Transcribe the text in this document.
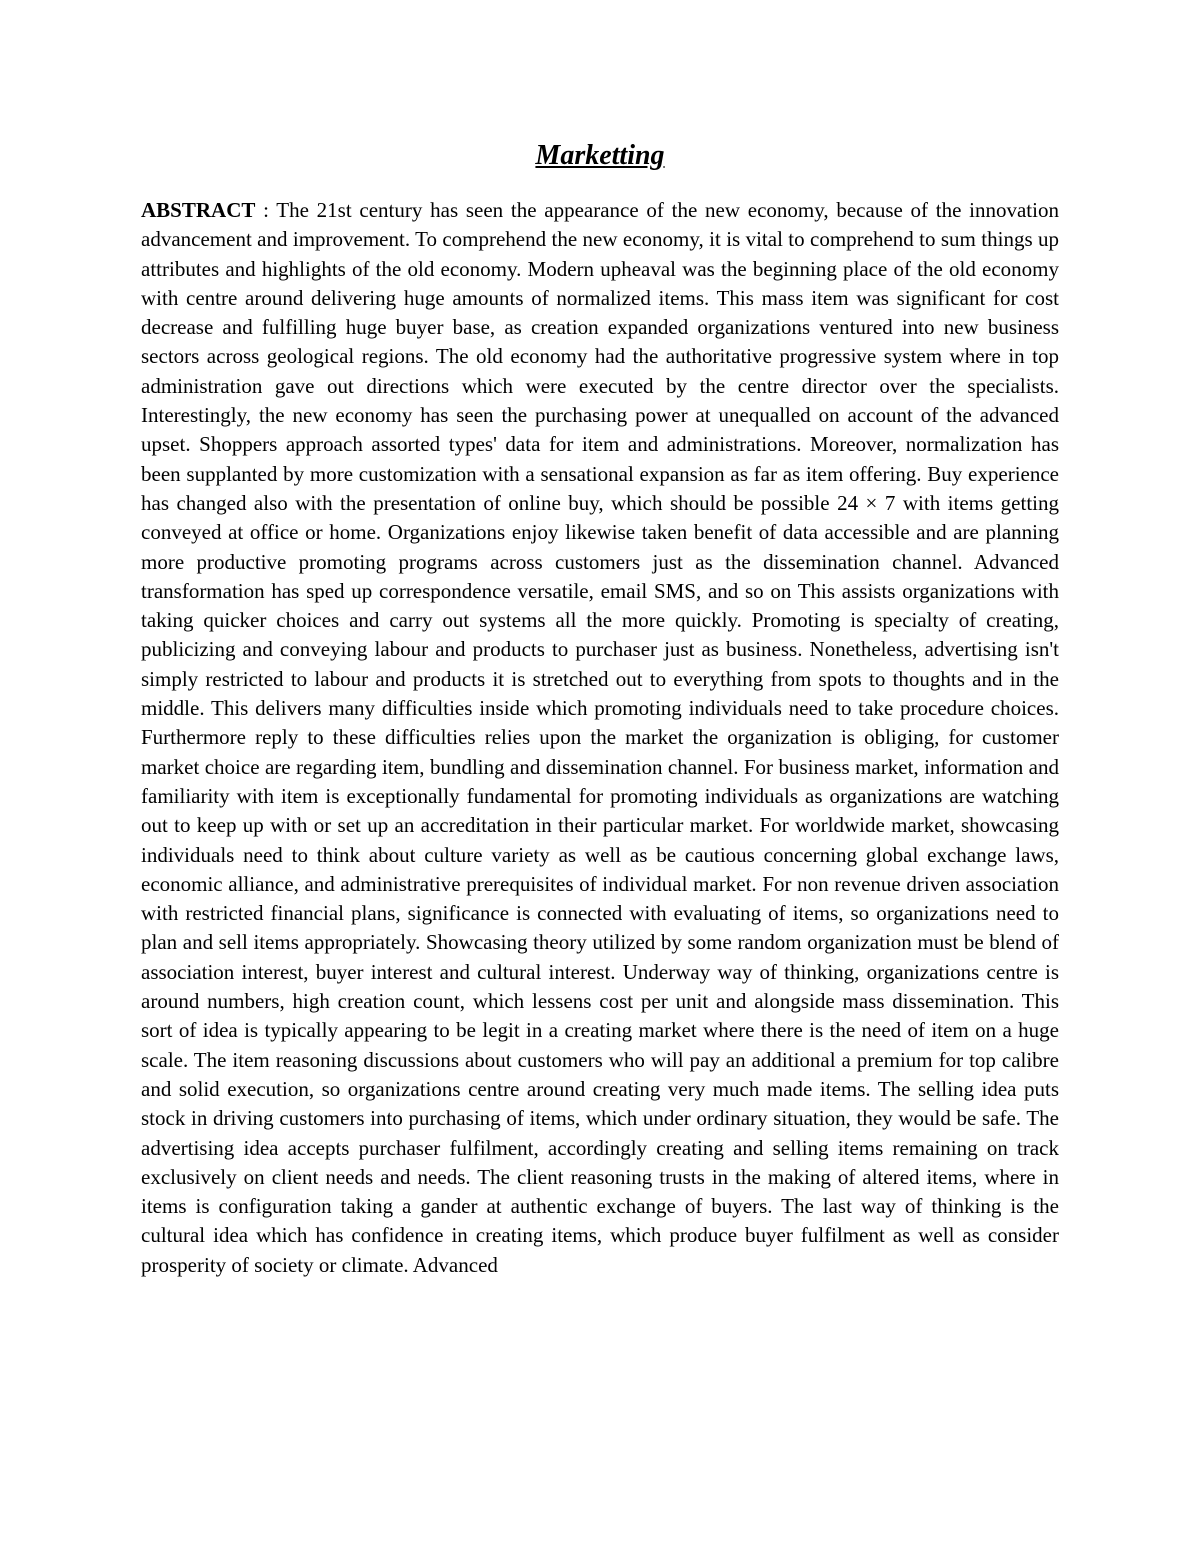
Marketting

ABSTRACT : The 21st century has seen the appearance of the new economy, because of the innovation advancement and improvement. To comprehend the new economy, it is vital to comprehend to sum things up attributes and highlights of the old economy. Modern upheaval was the beginning place of the old economy with centre around delivering huge amounts of normalized items. This mass item was significant for cost decrease and fulfilling huge buyer base, as creation expanded organizations ventured into new business sectors across geological regions. The old economy had the authoritative progressive system where in top administration gave out directions which were executed by the centre director over the specialists. Interestingly, the new economy has seen the purchasing power at unequalled on account of the advanced upset. Shoppers approach assorted types' data for item and administrations. Moreover, normalization has been supplanted by more customization with a sensational expansion as far as item offering. Buy experience has changed also with the presentation of online buy, which should be possible 24 × 7 with items getting conveyed at office or home. Organizations enjoy likewise taken benefit of data accessible and are planning more productive promoting programs across customers just as the dissemination channel. Advanced transformation has sped up correspondence versatile, email SMS, and so on This assists organizations with taking quicker choices and carry out systems all the more quickly. Promoting is specialty of creating, publicizing and conveying labour and products to purchaser just as business. Nonetheless, advertising isn't simply restricted to labour and products it is stretched out to everything from spots to thoughts and in the middle. This delivers many difficulties inside which promoting individuals need to take procedure choices. Furthermore reply to these difficulties relies upon the market the organization is obliging, for customer market choice are regarding item, bundling and dissemination channel. For business market, information and familiarity with item is exceptionally fundamental for promoting individuals as organizations are watching out to keep up with or set up an accreditation in their particular market. For worldwide market, showcasing individuals need to think about culture variety as well as be cautious concerning global exchange laws, economic alliance, and administrative prerequisites of individual market. For non revenue driven association with restricted financial plans, significance is connected with evaluating of items, so organizations need to plan and sell items appropriately. Showcasing theory utilized by some random organization must be blend of association interest, buyer interest and cultural interest. Underway way of thinking, organizations centre is around numbers, high creation count, which lessens cost per unit and alongside mass dissemination. This sort of idea is typically appearing to be legit in a creating market where there is the need of item on a huge scale. The item reasoning discussions about customers who will pay an additional a premium for top calibre and solid execution, so organizations centre around creating very much made items. The selling idea puts stock in driving customers into purchasing of items, which under ordinary situation, they would be safe. The advertising idea accepts purchaser fulfilment, accordingly creating and selling items remaining on track exclusively on client needs and needs. The client reasoning trusts in the making of altered items, where in items is configuration taking a gander at authentic exchange of buyers. The last way of thinking is the cultural idea which has confidence in creating items, which produce buyer fulfilment as well as consider prosperity of society or climate. Advanced
